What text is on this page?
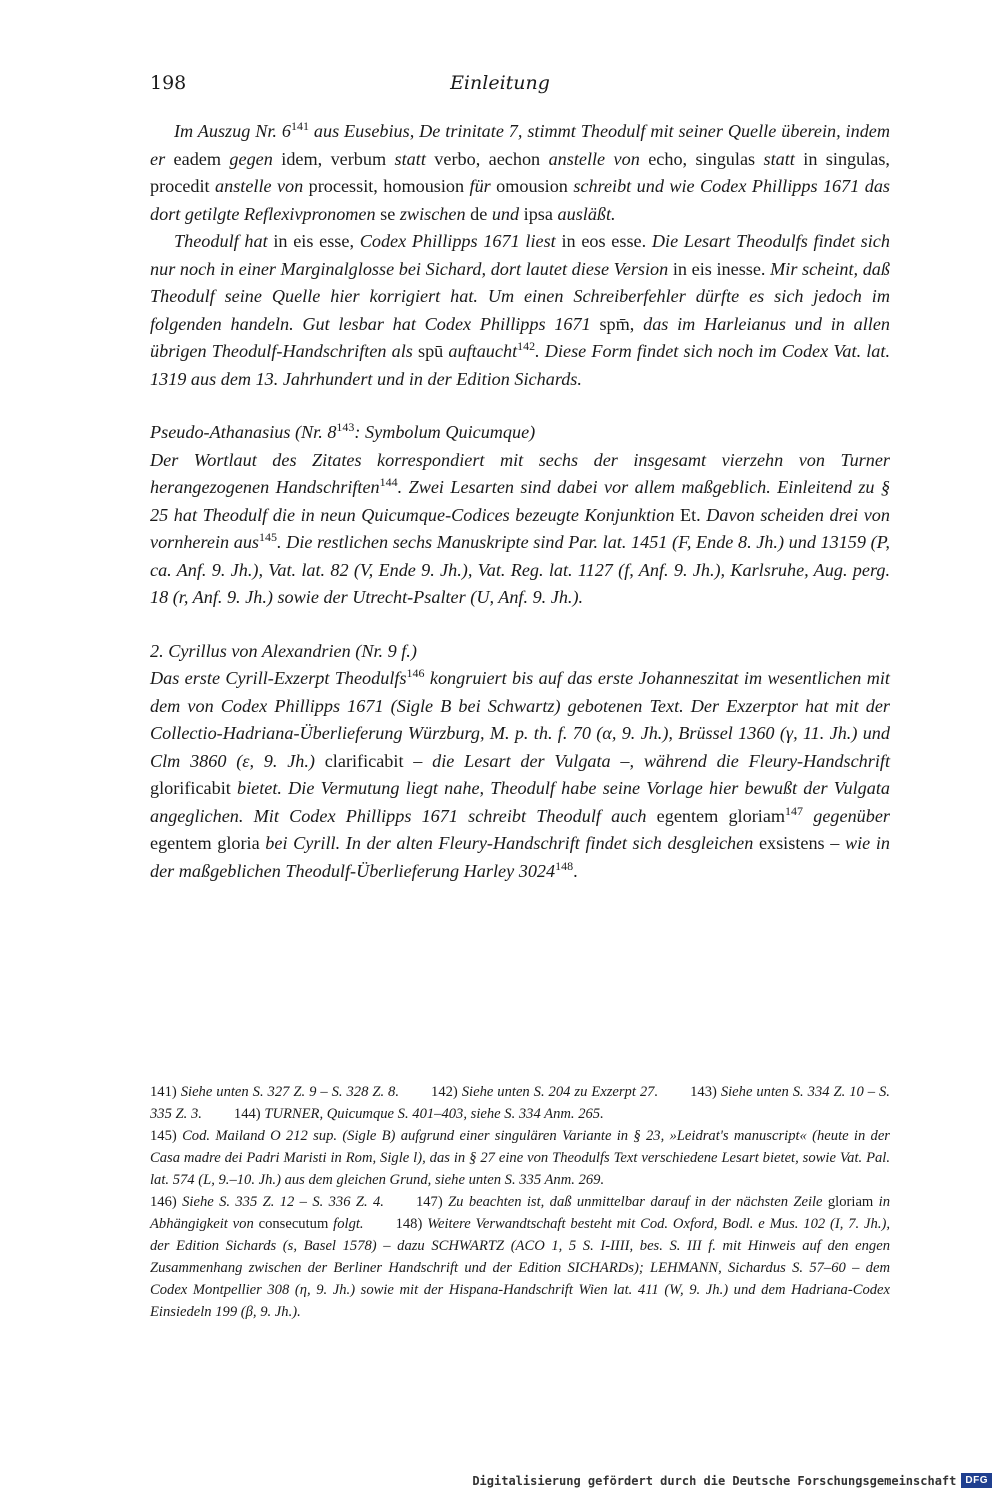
198	Einleitung

Im Auszug Nr. $6^{141}$ aus Eusebius, De trinitate 7, stimmt Theodulf mit seiner Quelle überein, indem er eadem gegen idem, verbum statt verbo, aechon anstelle von echo, singulas statt in singulas, procedit anstelle von processit, homousion für omousion schreibt und wie Codex Phillipps 1671 das dort getilgte Reflexivpronomen se zwischen de und ipsa ausläßt.

Theodulf hat in eis esse, Codex Phillipps 1671 liest in eos esse. Die Lesart Theodulfs findet sich nur noch in einer Marginalglosse bei Sichard, dort lautet diese Version in eis inesse. Mir scheint, daß Theodulf seine Quelle hier korrigiert hat. Um einen Schreiberfehler dürfte es sich jedoch im folgenden handeln. Gut lesbar hat Codex Phillipps 1671 spm̄, das im Harleianus und in allen übrigen Theodulf-Handschriften als spū auftaucht$^{142}$. Diese Form findet sich noch im Codex Vat. lat. 1319 aus dem 13. Jahrhundert und in der Edition Sichards.

Pseudo-Athanasius (Nr. $8^{143}$: Symbolum Quicumque)

Der Wortlaut des Zitates korrespondiert mit sechs der insgesamt vierzehn von Turner herangezogenen Handschriften$^{144}$. Zwei Lesarten sind dabei vor allem maßgeblich. Einleitend zu § 25 hat Theodulf die in neun Quicumque-Codices bezeugte Konjunktion Et. Davon scheiden drei von vornherein aus$^{145}$. Die restlichen sechs Manuskripte sind Par. lat. 1451 (F, Ende 8. Jh.) und 13159 (P, ca. Anf. 9. Jh.), Vat. lat. 82 (V, Ende 9. Jh.), Vat. Reg. lat. 1127 (f, Anf. 9. Jh.), Karlsruhe, Aug. perg. 18 (r, Anf. 9. Jh.) sowie der Utrecht-Psalter (U, Anf. 9. Jh.).

2. Cyrillus von Alexandrien (Nr. 9 f.)

Das erste Cyrill-Exzerpt Theodulfs$^{146}$ kongruiert bis auf das erste Johanneszitat im wesentlichen mit dem von Codex Phillipps 1671 (Sigle B bei Schwartz) gebotenen Text. Der Exzerptor hat mit der Collectio-Hadriana-Überlieferung Würzburg, M. p. th. f. 70 (α, 9. Jh.), Brüssel 1360 (γ, 11. Jh.) und Clm 3860 (ε, 9. Jh.) clarificabit – die Lesart der Vulgata –, während die Fleury-Handschrift glorificabit bietet. Die Vermutung liegt nahe, Theodulf habe seine Vorlage hier bewußt der Vulgata angeglichen. Mit Codex Phillipps 1671 schreibt Theodulf auch egentem gloriam$^{147}$ gegenüber egentem gloria bei Cyrill. In der alten Fleury-Handschrift findet sich desgleichen exsistens – wie in der maßgeblichen Theodulf-Überlieferung Harley 3024$^{148}$.

141) Siehe unten S. 327 Z. 9 – S. 328 Z. 8. 142) Siehe unten S. 204 zu Exzerpt 27. 143) Siehe unten S. 334 Z. 10 – S. 335 Z. 3. 144) TURNER, Quicumque S. 401–403, siehe S. 334 Anm. 265.
145) Cod. Mailand O 212 sup. (Sigle B) aufgrund einer singulären Variante in § 23, »Leidrat's manuscript« (heute in der Casa madre dei Padri Maristi in Rom, Sigle l), das in § 27 eine von Theodulfs Text verschiedene Lesart bietet, sowie Vat. Pal. lat. 574 (L, 9.–10. Jh.) aus dem gleichen Grund, siehe unten S. 335 Anm. 269.
146) Siehe S. 335 Z. 12 – S. 336 Z. 4. 147) Zu beachten ist, daß unmittelbar darauf in der nächsten Zeile gloriam in Abhängigkeit von consecutum folgt. 148) Weitere Verwandtschaft besteht mit Cod. Oxford, Bodl. e Mus. 102 (I, 7. Jh.), der Edition Sichards (s, Basel 1578) – dazu SCHWARTZ (ACO 1, 5 S. I-IIII, bes. S. III f. mit Hinweis auf den engen Zusammenhang zwischen der Berliner Handschrift und der Edition SICHARDs); LEHMANN, Sichardus S. 57–60 – dem Codex Montpellier 308 (η, 9. Jh.) sowie mit der Hispana-Handschrift Wien lat. 411 (W, 9. Jh.) und dem Hadriana-Codex Einsiedeln 199 (β, 9. Jh.).

Digitalisierung gefördert durch die Deutsche Forschungsgemeinschaft DFG
